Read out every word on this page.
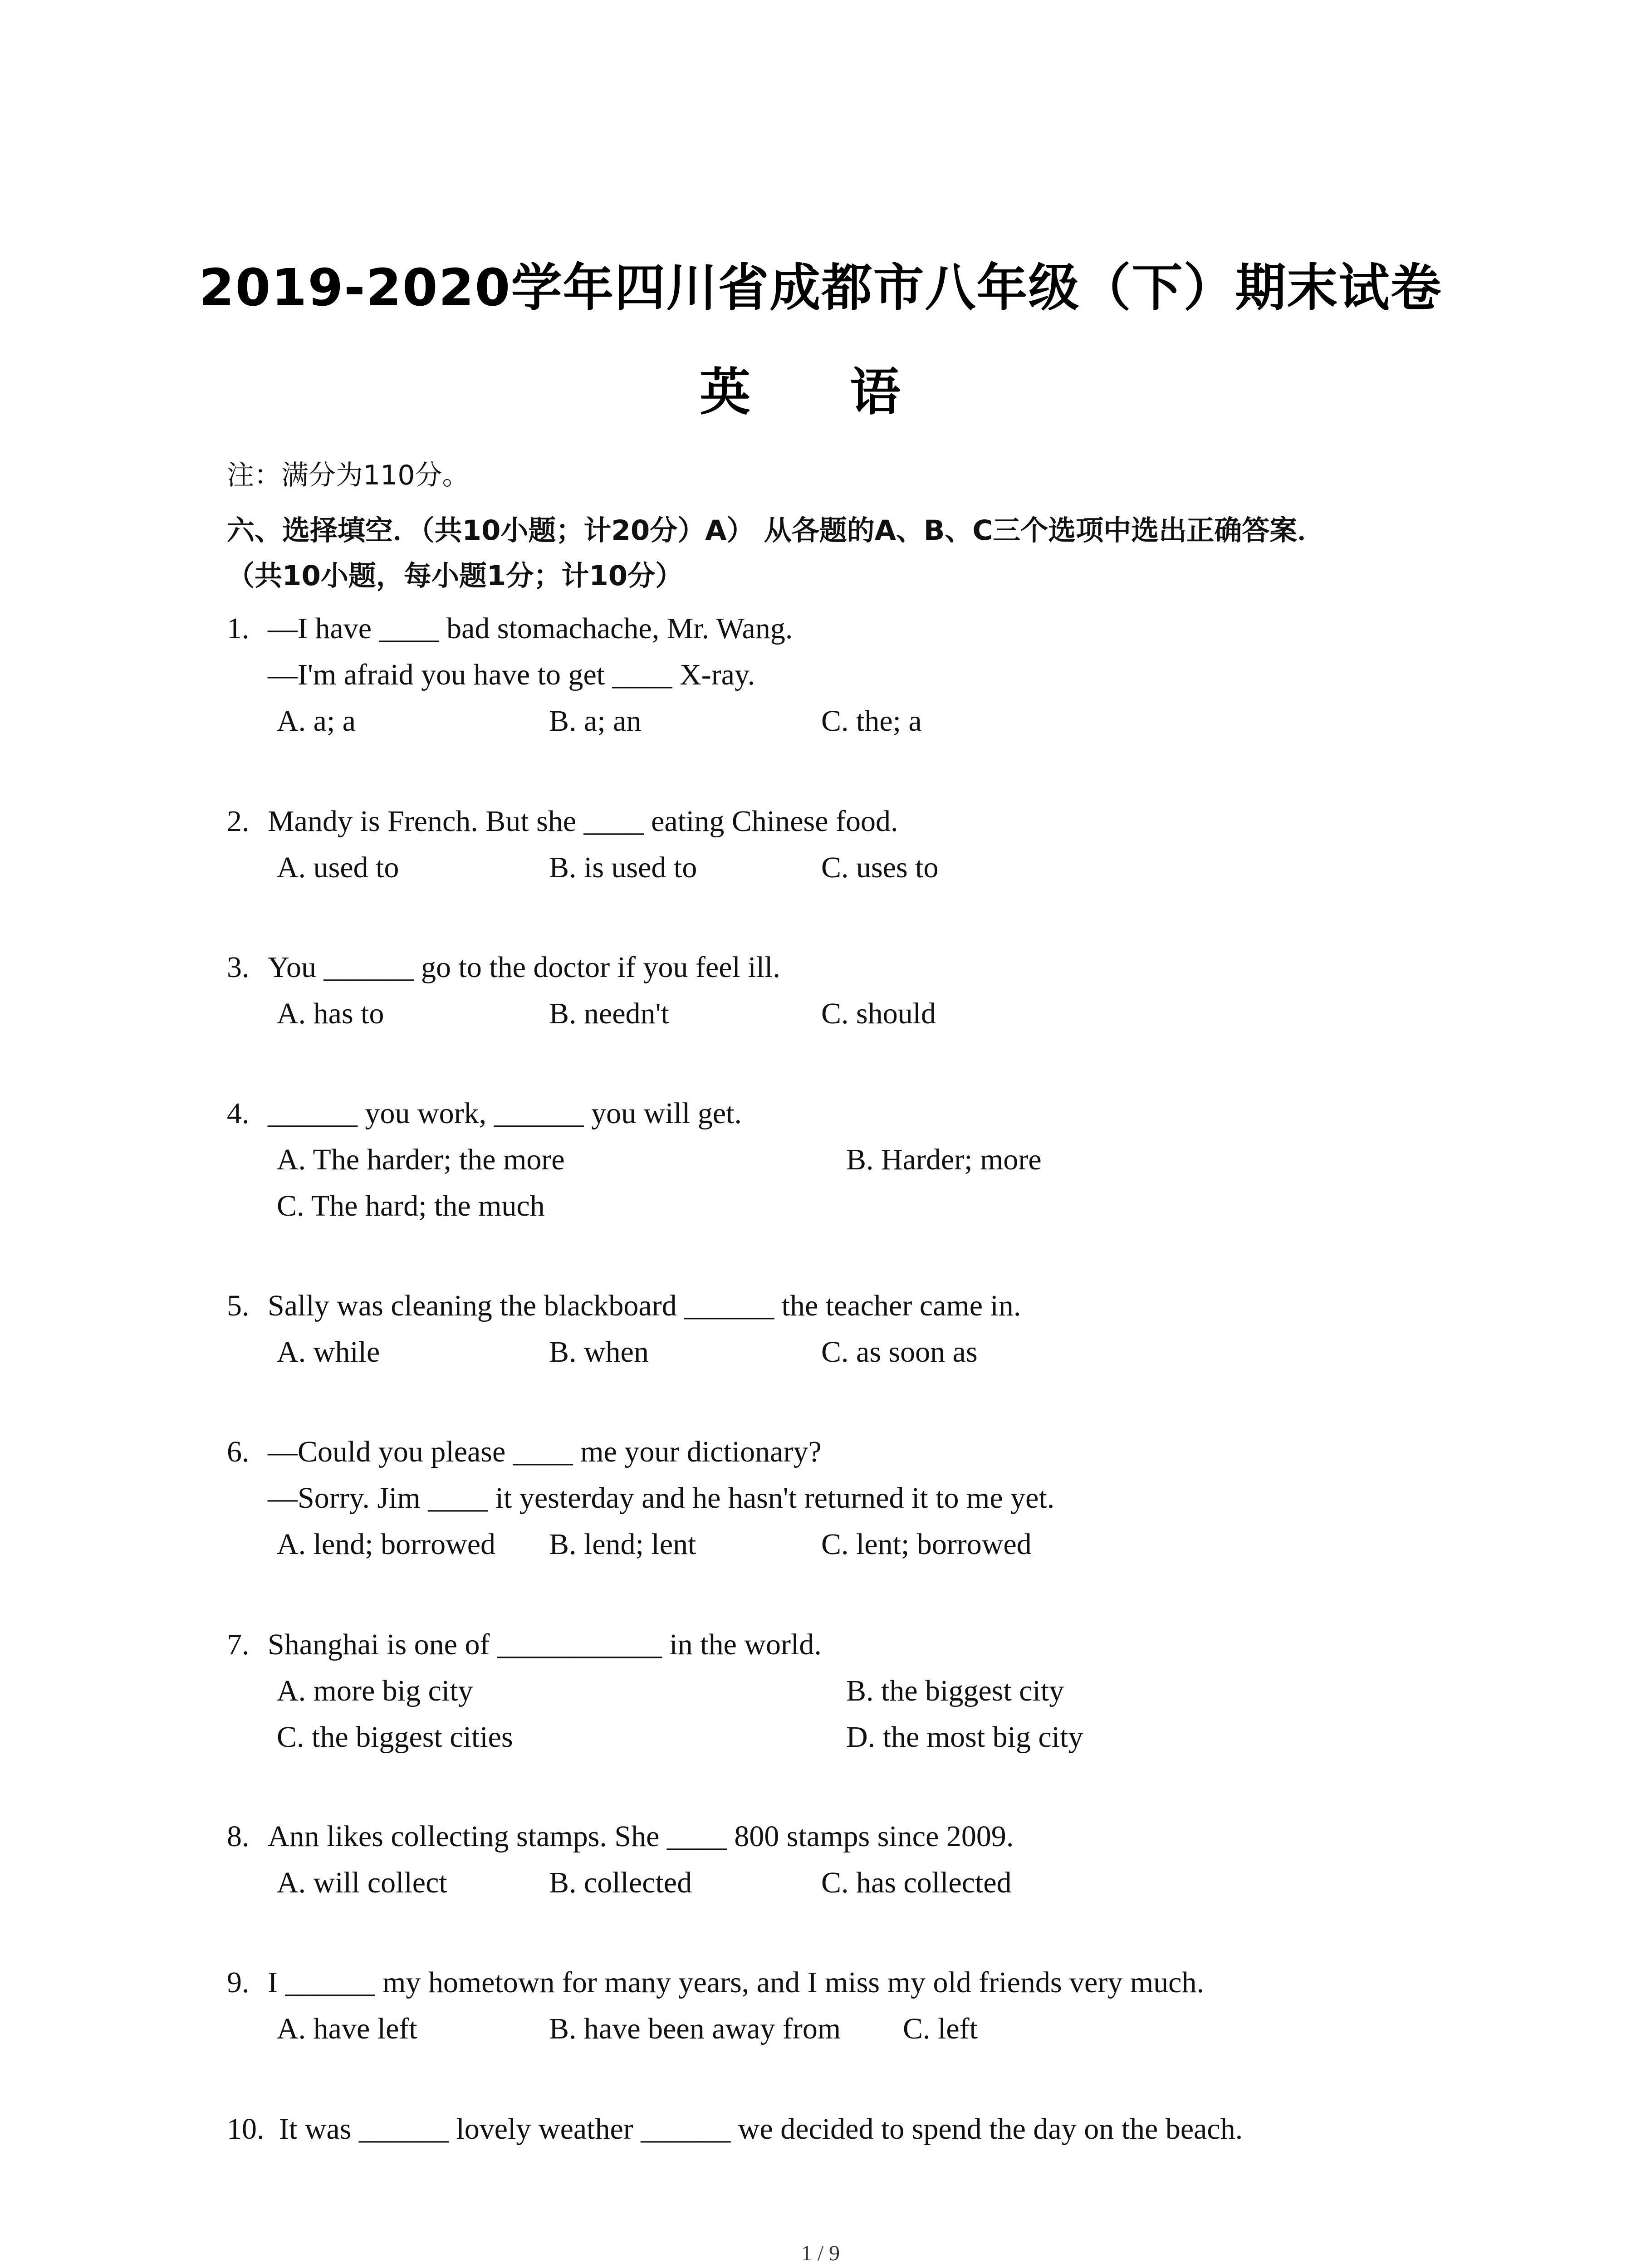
2019-2020学年四川省成都市八年级（下）期末试卷
英 语
注：满分为110分。
六、选择填空．（共10小题；计20分）A） 从各题的A、B、C三个选项中选出正确答案．
（共10小题，每小题1分；计10分）
1. —I have ____ bad stomachache, Mr. Wang.
—I'm afraid you have to get ____ X-ray.
A. a; a	B. a; an	C. the; a
2. Mandy is French. But she ____ eating Chinese food.
A. used to	B. is used to	C. uses to
3. You ______ go to the doctor if you feel ill.
A. has to	B. needn't	C. should
4. ______ you work, ______ you will get.
A. The harder; the more	B. Harder; more
C. The hard; the much
5. Sally was cleaning the blackboard ______ the teacher came in.
A. while	B. when	C. as soon as
6. —Could you please ____ me your dictionary?
—Sorry. Jim ____ it yesterday and he hasn't returned it to me yet.
A. lend; borrowed B. lend; lent	C. lent; borrowed
7. Shanghai is one of ___________ in the world.
A. more big city	B. the biggest city
C. the biggest cities	D. the most big city
8. Ann likes collecting stamps. She ____ 800 stamps since 2009.
A. will collect	B. collected	C. has collected
9. I ______ my hometown for many years, and I miss my old friends very much.
A. have left	B. have been away from C. left
10. It was ______ lovely weather ______ we decided to spend the day on the beach.
1 / 9
